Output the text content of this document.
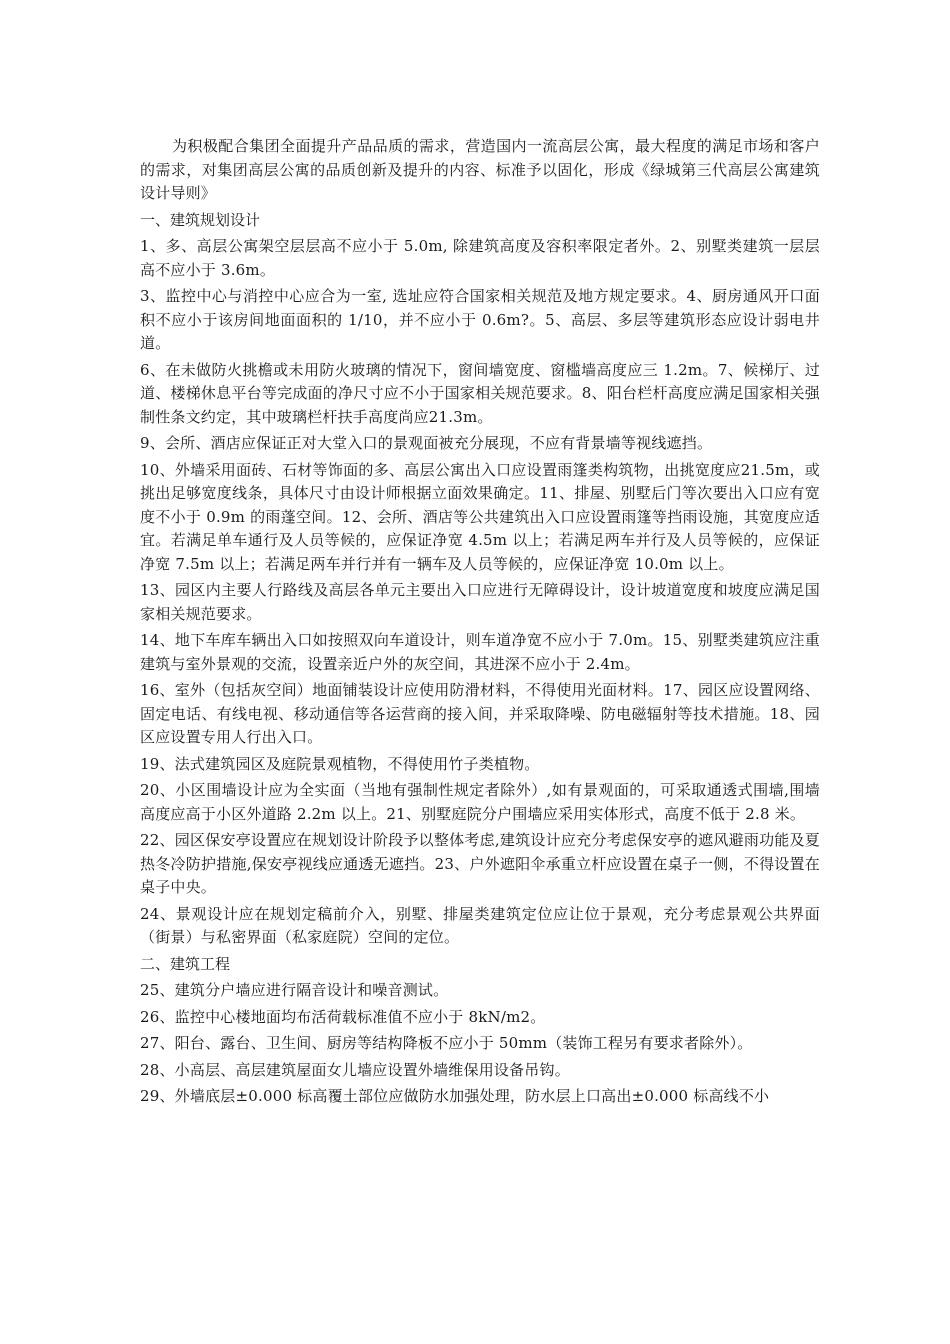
为积极配合集团全面提升产品品质的需求，营造国内一流高层公寓，最大程度的满足市场和客户的需求，对集团高层公寓的品质创新及提升的内容、标准予以固化，形成《绿城第三代高层公寓建筑设计导则》

一、建筑规划设计

1、多、高层公寓架空层层高不应小于 5.0m, 除建筑高度及容积率限定者外。2、别墅类建筑一层层高不应小于 3.6m。

3、监控中心与消控中心应合为一室, 选址应符合国家相关规范及地方规定要求。4、厨房通风开口面积不应小于该房间地面面积的 1/10，并不应小于 0.6m?。5、高层、多层等建筑形态应设计弱电井道。

6、在未做防火挑檐或未用防火玻璃的情况下，窗间墙宽度、窗槛墙高度应三 1.2m。7、候梯厅、过道、楼梯休息平台等完成面的净尺寸应不小于国家相关规范要求。8、阳台栏杆高度应满足国家相关强制性条文约定，其中玻璃栏杆扶手高度尚应21.3m。

9、会所、酒店应保证正对大堂入口的景观面被充分展现，不应有背景墙等视线遮挡。

10、外墙采用面砖、石材等饰面的多、高层公寓出入口应设置雨篷类构筑物，出挑宽度应21.5m，或挑出足够宽度线条，具体尺寸由设计师根据立面效果确定。11、排屋、别墅后门等次要出入口应有宽度不小于 0.9m 的雨蓬空间。12、会所、酒店等公共建筑出入口应设置雨篷等挡雨设施，其宽度应适宜。若满足单车通行及人员等候的，应保证净宽 4.5m 以上；若满足两车并行及人员等候的，应保证净宽 7.5m 以上；若满足两车并行并有一辆车及人员等候的，应保证净宽 10.0m 以上。

13、园区内主要人行路线及高层各单元主要出入口应进行无障碍设计，设计坡道宽度和坡度应满足国家相关规范要求。

14、地下车库车辆出入口如按照双向车道设计，则车道净宽不应小于 7.0m。15、别墅类建筑应注重建筑与室外景观的交流，设置亲近户外的灰空间，其进深不应小于 2.4m。

16、室外（包括灰空间）地面铺装设计应使用防滑材料，不得使用光面材料。17、园区应设置网络、固定电话、有线电视、移动通信等各运营商的接入间，并采取降噪、防电磁辐射等技术措施。18、园区应设置专用人行出入口。

19、法式建筑园区及庭院景观植物，不得使用竹子类植物。

20、小区围墙设计应为全实面（当地有强制性规定者除外）,如有景观面的，可采取通透式围墙,围墙高度应高于小区外道路 2.2m 以上。21、别墅庭院分户围墙应采用实体形式，高度不低于 2.8 米。

22、园区保安亭设置应在规划设计阶段予以整体考虑,建筑设计应充分考虑保安亭的遮风避雨功能及夏热冬冷防护措施,保安亭视线应通透无遮挡。23、户外遮阳伞承重立杆应设置在桌子一侧，不得设置在桌子中央。

24、景观设计应在规划定稿前介入，别墅、排屋类建筑定位应让位于景观，充分考虑景观公共界面（街景）与私密界面（私家庭院）空间的定位。

二、建筑工程

25、建筑分户墙应进行隔音设计和噪音测试。

26、监控中心楼地面均布活荷载标准值不应小于 8kN/m2。

27、阳台、露台、卫生间、厨房等结构降板不应小于 50mm（装饰工程另有要求者除外）。

28、小高层、高层建筑屋面女儿墙应设置外墙维保用设备吊钩。

29、外墙底层±0.000 标高覆土部位应做防水加强处理，防水层上口高出±0.000 标高线不小
